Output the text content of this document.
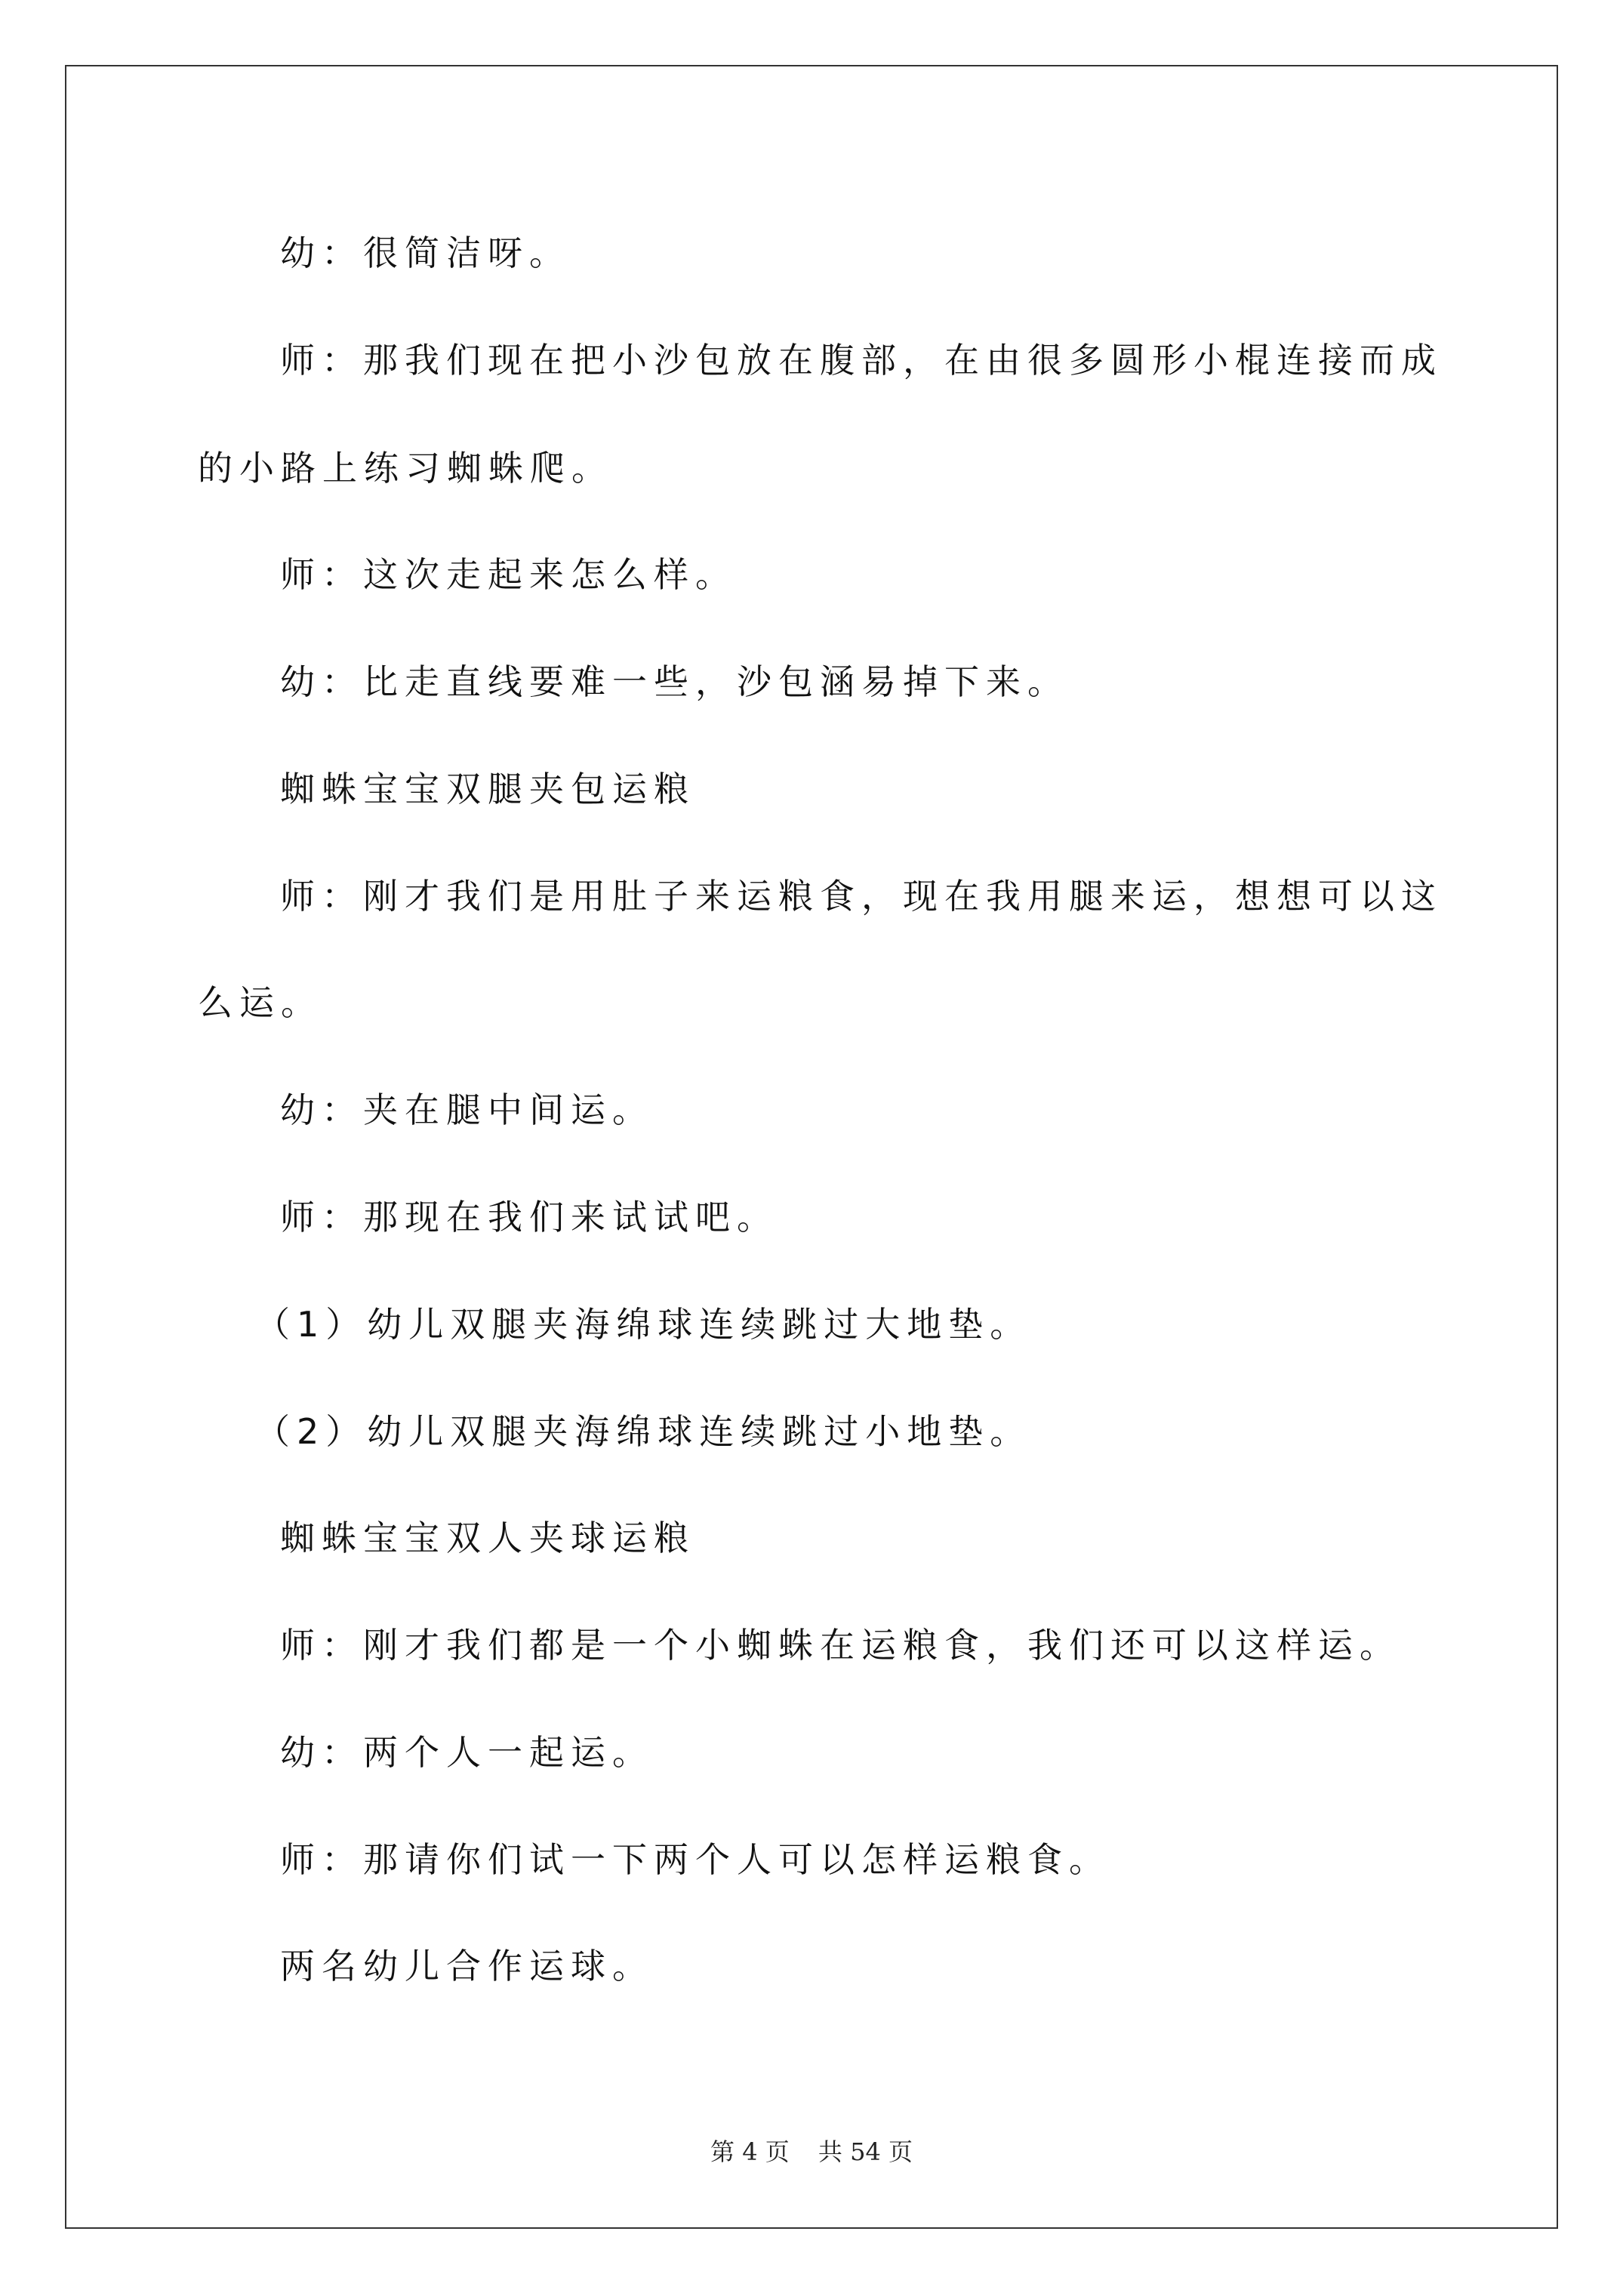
幼：很简洁呀。
师：那我们现在把小沙包放在腹部，在由很多圆形小棍连接而成
的小路上练习蜘蛛爬。
师：这次走起来怎么样。
幼：比走直线要难一些，沙包涵易掉下来。
蜘蛛宝宝双腿夹包运粮
师：刚才我们是用肚子来运粮食，现在我用腿来运，想想可以这
么运。
幼：夹在腿中间运。
师：那现在我们来试试吧。
（1）幼儿双腿夹海绵球连续跳过大地垫。
（2）幼儿双腿夹海绵球连续跳过小地垫。
蜘蛛宝宝双人夹球运粮
师：刚才我们都是一个小蜘蛛在运粮食，我们还可以这样运。
幼：两个人一起运。
师：那请你们试一下两个人可以怎样运粮食。
两名幼儿合作运球。
第 4 页 共 54 页
